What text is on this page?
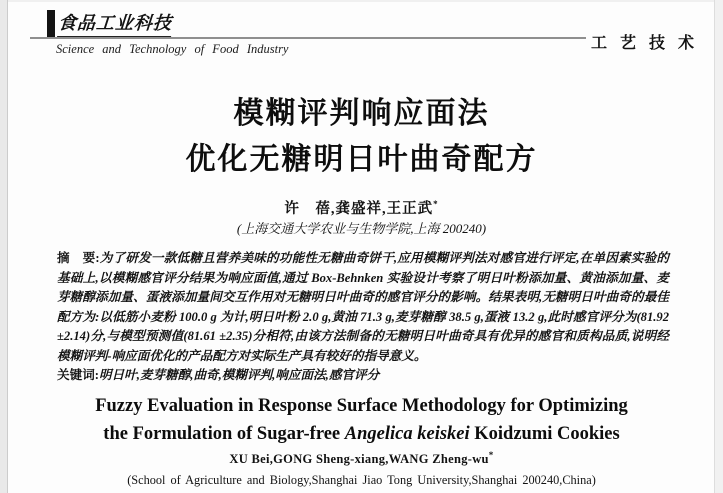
食品工业科技
Science and Technology of Food Industry	工艺技术
模糊评判响应面法
优化无糖明日叶曲奇配方
许　蓓,龚盛祥,王正武*
(上海交通大学农业与生物学院,上海 200240)

摘　要:为了研发一款低糖且营养美味的功能性无糖曲奇饼干,应用模糊评判法对感官进行评定,在单因素实验的基础上,以模糊感官评分结果为响应面值,通过 Box-Behnken 实验设计考察了明日叶粉添加量、黄油添加量、麦芽糖醇添加量、蛋液添加量间交互作用对无糖明日叶曲奇的感官评分的影响。结果表明,无糖明日叶曲奇的最佳配方为:以低筋小麦粉 100.0 g 为计,明日叶粉 2.0 g,黄油 71.3 g,麦芽糖醇 38.5 g,蛋液 13.2 g,此时感官评分为(81.92 ±2.14)分,与模型预测值(81.61 ±2.35)分相符,由该方法制备的无糖明日叶曲奇具有优异的感官和质构品质,说明经模糊评判-响应面优化的产品配方对实际生产具有较好的指导意义。

关键词:明日叶,麦芽糖醇,曲奇,模糊评判,响应面法,感官评分

Fuzzy Evaluation in Response Surface Methodology for Optimizing
the Formulation of Sugar-free Angelica keiskei Koidzumi Cookies
XU Bei,GONG Sheng-xiang,WANG Zheng-wu*
(School of Agriculture and Biology,Shanghai Jiao Tong University,Shanghai 200240,China)
